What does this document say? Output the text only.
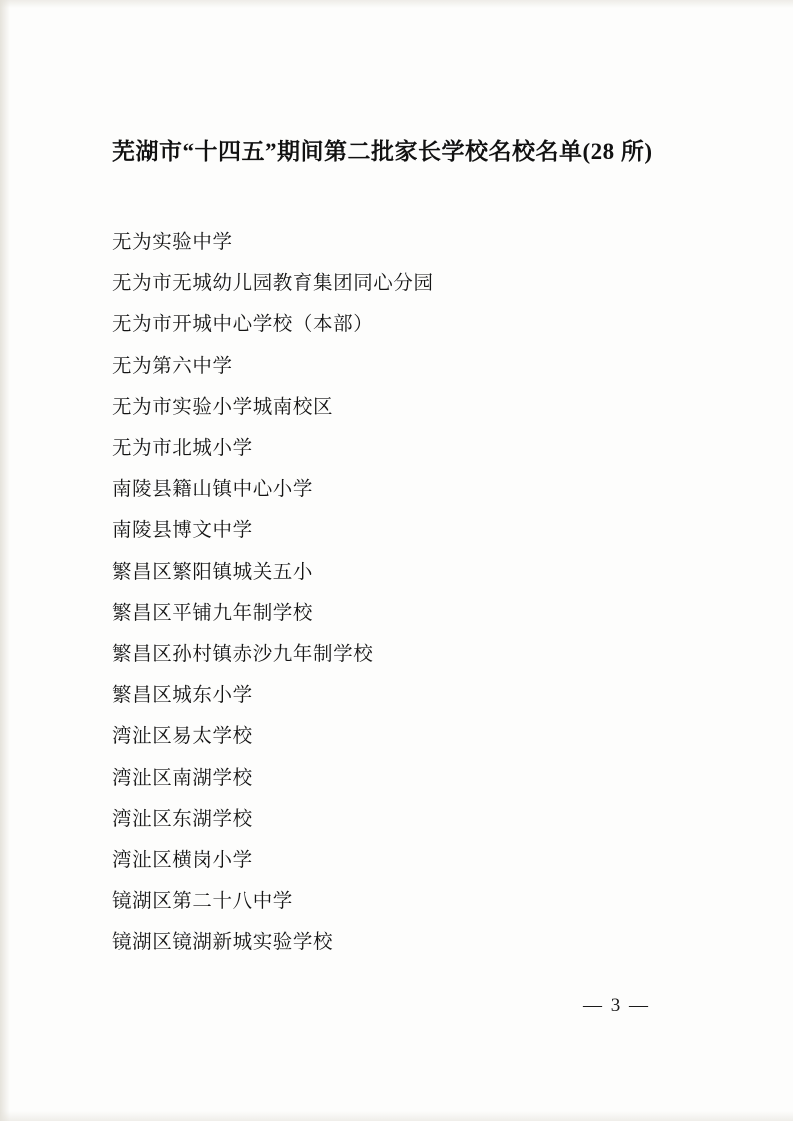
芜湖市“十四五”期间第二批家长学校名校名单(28 所)
无为实验中学
无为市无城幼儿园教育集团同心分园
无为市开城中心学校（本部）
无为第六中学
无为市实验小学城南校区
无为市北城小学
南陵县籍山镇中心小学
南陵县博文中学
繁昌区繁阳镇城关五小
繁昌区平铺九年制学校
繁昌区孙村镇赤沙九年制学校
繁昌区城东小学
湾沚区易太学校
湾沚区南湖学校
湾沚区东湖学校
湾沚区横岗小学
镜湖区第二十八中学
镜湖区镜湖新城实验学校
— 3 —
